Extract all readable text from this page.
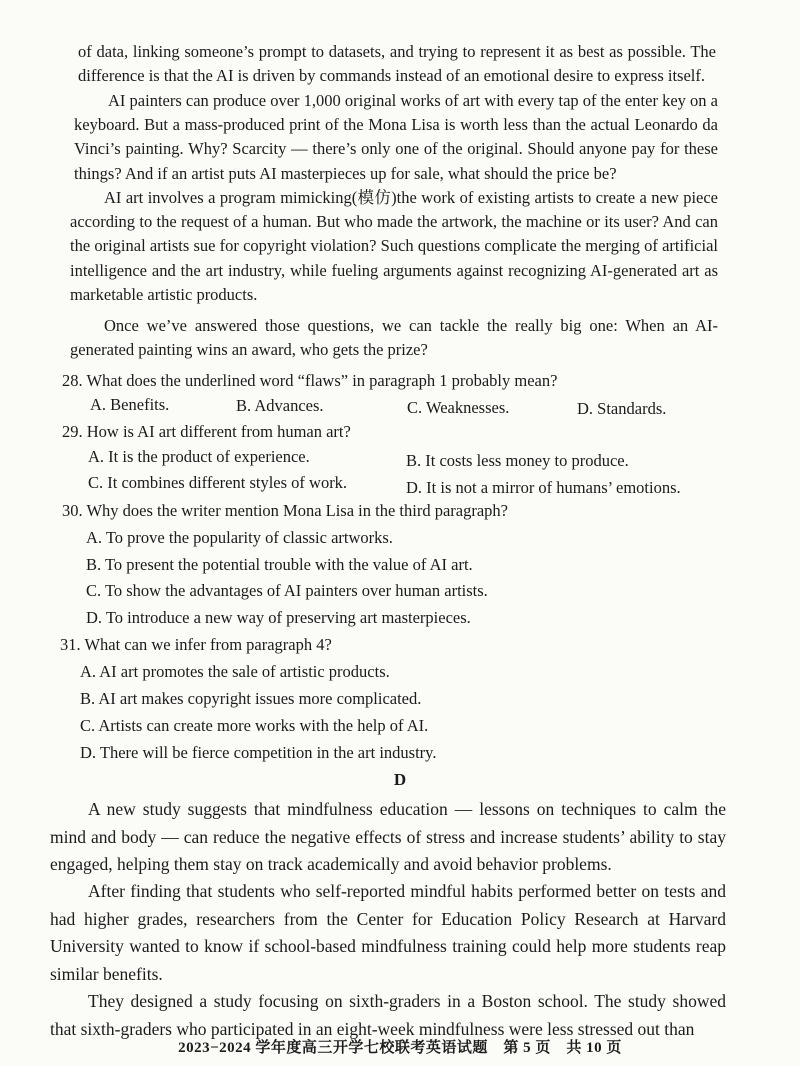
of data, linking someone’s prompt to datasets, and trying to represent it as best as possible. The difference is that the AI is driven by commands instead of an emotional desire to express itself.

AI painters can produce over 1,000 original works of art with every tap of the enter key on a keyboard. But a mass-produced print of the Mona Lisa is worth less than the actual Leonardo da Vinci’s painting. Why? Scarcity — there’s only one of the original. Should anyone pay for these things? And if an artist puts AI masterpieces up for sale, what should the price be?

AI art involves a program mimicking(模仿)the work of existing artists to create a new piece according to the request of a human. But who made the artwork, the machine or its user? And can the original artists sue for copyright violation? Such questions complicate the merging of artificial intelligence and the art industry, while fueling arguments against recognizing AI-generated art as marketable artistic products.

Once we’ve answered those questions, we can tackle the really big one: When an AI-generated painting wins an award, who gets the prize?

28. What does the underlined word “flaws” in paragraph 1 probably mean?

A. Benefits.	B. Advances.	C. Weaknesses.	D. Standards.

29. How is AI art different from human art?

A. It is the product of experience.	B. It costs less money to produce.

C. It combines different styles of work.	D. It is not a mirror of humans’ emotions.

30. Why does the writer mention Mona Lisa in the third paragraph?

A. To prove the popularity of classic artworks.

B. To present the potential trouble with the value of AI art.

C. To show the advantages of AI painters over human artists.

D. To introduce a new way of preserving art masterpieces.

31. What can we infer from paragraph 4?

A. AI art promotes the sale of artistic products.

B. AI art makes copyright issues more complicated.

C. Artists can create more works with the help of AI.

D. There will be fierce competition in the art industry.

D

A new study suggests that mindfulness education — lessons on techniques to calm the mind and body — can reduce the negative effects of stress and increase students’ ability to stay engaged, helping them stay on track academically and avoid behavior problems.

After finding that students who self-reported mindful habits performed better on tests and had higher grades, researchers from the Center for Education Policy Research at Harvard University wanted to know if school-based mindfulness training could help more students reap similar benefits.

They designed a study focusing on sixth-graders in a Boston school. The study showed that sixth-graders who participated in an eight-week mindfulness were less stressed out than

2023−2024 学年度高三开学七校联考英语试题　第 5 页　共 10 页
